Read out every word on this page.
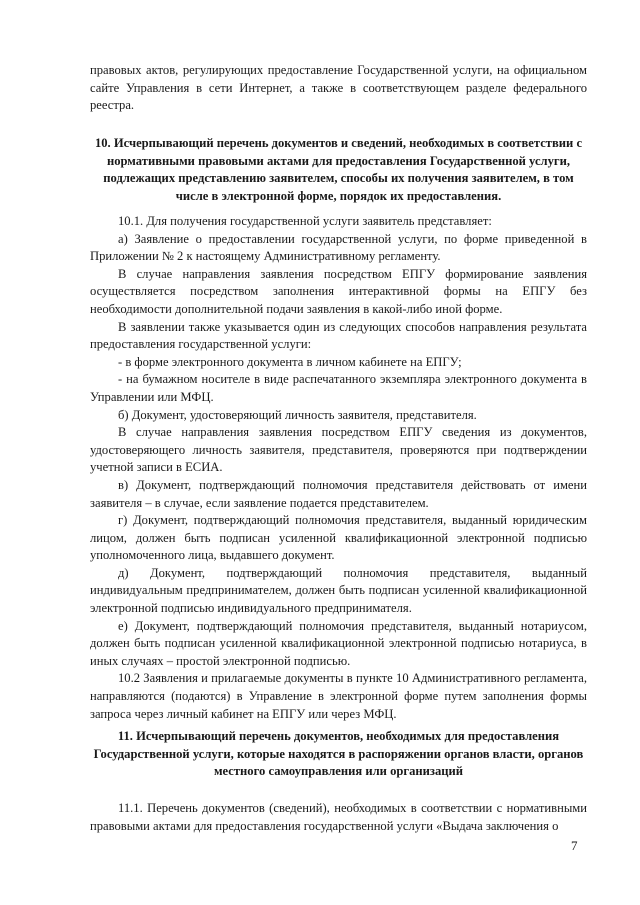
правовых актов, регулирующих предоставление Государственной услуги, на официальном сайте Управления в сети Интернет, а также в соответствующем разделе федерального реестра.

10. Исчерпывающий перечень документов и сведений, необходимых в соответствии с нормативными правовыми актами для предоставления Государственной услуги, подлежащих представлению заявителем, способы их получения заявителем, в том числе в электронной форме, порядок их предоставления.

10.1. Для получения государственной услуги заявитель представляет:

а) Заявление о предоставлении государственной услуги, по форме приведенной в Приложении № 2 к настоящему Административному регламенту.

В случае направления заявления посредством ЕПГУ формирование заявления осуществляется посредством заполнения интерактивной формы на ЕПГУ без необходимости дополнительной подачи заявления в какой-либо иной форме.

В заявлении также указывается один из следующих способов направления результата предоставления государственной услуги:

- в форме электронного документа в личном кабинете на ЕПГУ;

- на бумажном носителе в виде распечатанного экземпляра электронного документа в Управлении или МФЦ.

б) Документ, удостоверяющий личность заявителя, представителя.

В случае направления заявления посредством ЕПГУ сведения из документов, удостоверяющего личность заявителя, представителя, проверяются при подтверждении учетной записи в ЕСИА.

в) Документ, подтверждающий полномочия представителя действовать от имени заявителя – в случае, если заявление подается представителем.

г) Документ, подтверждающий полномочия представителя, выданный юридическим лицом, должен быть подписан усиленной квалификационной электронной подписью уполномоченного лица, выдавшего документ.

д) Документ, подтверждающий полномочия представителя, выданный индивидуальным предпринимателем, должен быть подписан усиленной квалификационной электронной подписью индивидуального предпринимателя.

е) Документ, подтверждающий полномочия представителя, выданный нотариусом, должен быть подписан усиленной квалификационной электронной подписью нотариуса, в иных случаях – простой электронной подписью.

10.2 Заявления и прилагаемые документы в пункте 10 Административного регламента, направляются (подаются) в Управление в электронной форме путем заполнения формы запроса через личный кабинет на ЕПГУ или через МФЦ.

11. Исчерпывающий перечень документов, необходимых для предоставления Государственной услуги, которые находятся в распоряжении органов власти, органов местного самоуправления или организаций

11.1. Перечень документов (сведений), необходимых в соответствии с нормативными правовыми актами для предоставления государственной услуги «Выдача заключения о

7
